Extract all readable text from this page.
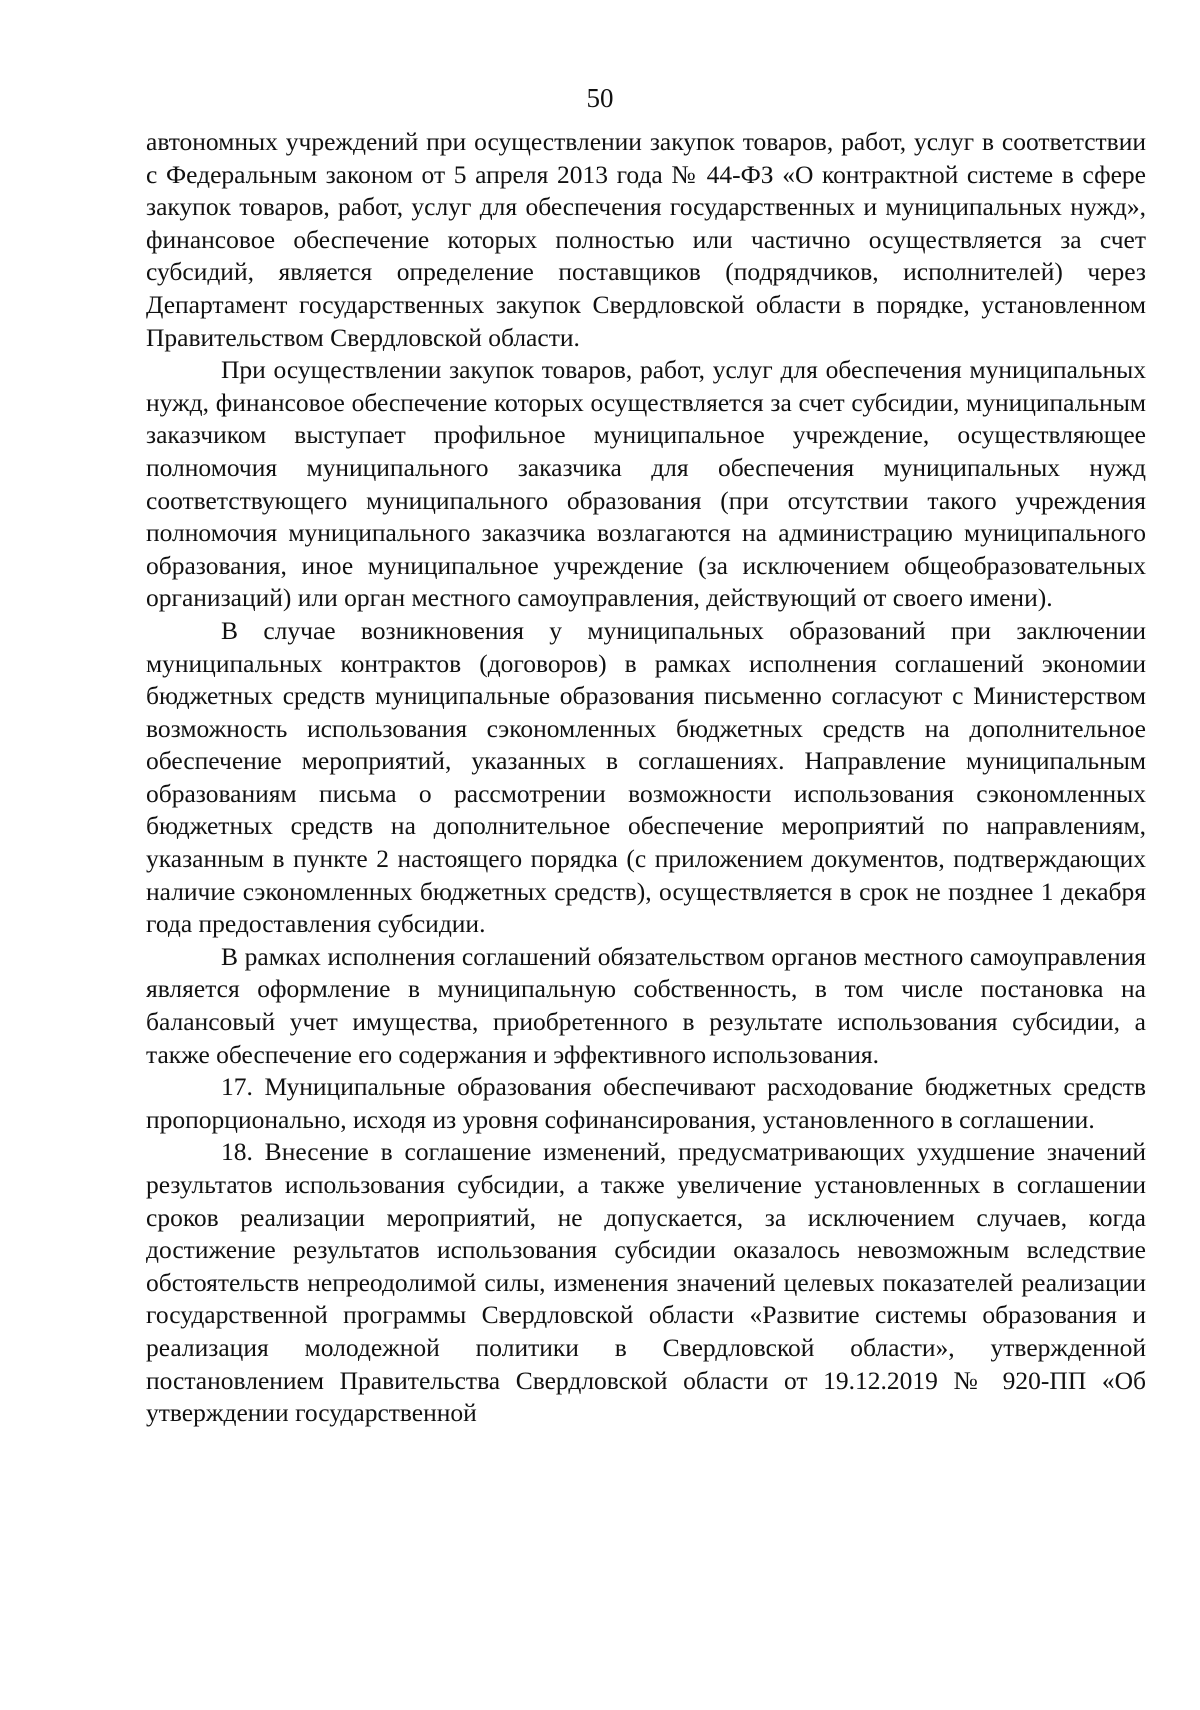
50

автономных учреждений при осуществлении закупок товаров, работ, услуг в соответствии с Федеральным законом от 5 апреля 2013 года № 44-ФЗ «О контрактной системе в сфере закупок товаров, работ, услуг для обеспечения государственных и муниципальных нужд», финансовое обеспечение которых полностью или частично осуществляется за счет субсидий, является определение поставщиков (подрядчиков, исполнителей) через Департамент государственных закупок Свердловской области в порядке, установленном Правительством Свердловской области.

При осуществлении закупок товаров, работ, услуг для обеспечения муниципальных нужд, финансовое обеспечение которых осуществляется за счет субсидии, муниципальным заказчиком выступает профильное муниципальное учреждение, осуществляющее полномочия муниципального заказчика для обеспечения муниципальных нужд соответствующего муниципального образования (при отсутствии такого учреждения полномочия муниципального заказчика возлагаются на администрацию муниципального образования, иное муниципальное учреждение (за исключением общеобразовательных организаций) или орган местного самоуправления, действующий от своего имени).

В случае возникновения у муниципальных образований при заключении муниципальных контрактов (договоров) в рамках исполнения соглашений экономии бюджетных средств муниципальные образования письменно согласуют с Министерством возможность использования сэкономленных бюджетных средств на дополнительное обеспечение мероприятий, указанных в соглашениях. Направление муниципальным образованиям письма о рассмотрении возможности использования сэкономленных бюджетных средств на дополнительное обеспечение мероприятий по направлениям, указанным в пункте 2 настоящего порядка (с приложением документов, подтверждающих наличие сэкономленных бюджетных средств), осуществляется в срок не позднее 1 декабря года предоставления субсидии.

В рамках исполнения соглашений обязательством органов местного самоуправления является оформление в муниципальную собственность, в том числе постановка на балансовый учет имущества, приобретенного в результате использования субсидии, а также обеспечение его содержания и эффективного использования.

17. Муниципальные образования обеспечивают расходование бюджетных средств пропорционально, исходя из уровня софинансирования, установленного в соглашении.

18. Внесение в соглашение изменений, предусматривающих ухудшение значений результатов использования субсидии, а также увеличение установленных в соглашении сроков реализации мероприятий, не допускается, за исключением случаев, когда достижение результатов использования субсидии оказалось невозможным вследствие обстоятельств непреодолимой силы, изменения значений целевых показателей реализации государственной программы Свердловской области «Развитие системы образования и реализация молодежной политики в Свердловской области», утвержденной постановлением Правительства Свердловской области от 19.12.2019 № 920-ПП «Об утверждении государственной
